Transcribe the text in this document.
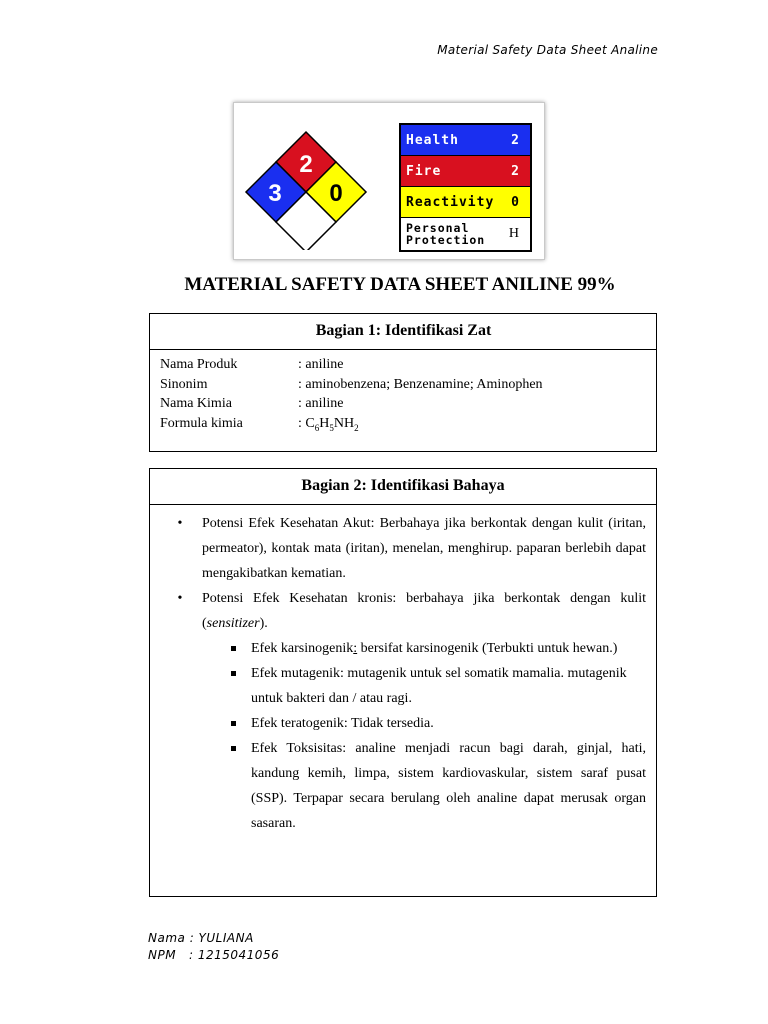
Material Safety Data Sheet Analine
2
3 0
Health	2
Fire	2
Reactivity 0
Personal
Protection H
MATERIAL SAFETY DATA SHEET ANILINE 99%
Bagian 1: Identifikasi Zat
Nama Produk	: aniline
Sinonim	: aminobenzena; Benzenamine; Aminophen
Nama Kimia	: aniline
Formula kimia	: $C_6H_5NH_2$
Bagian 2: Identifikasi Bahaya
•	Potensi Efek Kesehatan Akut: Berbahaya jika berkontak dengan kulit (iritan, permeator), kontak mata (iritan), menelan, menghirup. paparan berlebih dapat mengakibatkan kematian.
•	Potensi Efek Kesehatan kronis: berbahaya jika berkontak dengan kulit (sensitizer).
Efek karsinogenik: bersifat karsinogenik (Terbukti untuk hewan.)
Efek mutagenik: mutagenik untuk sel somatik mamalia. mutagenik
untuk bakteri dan / atau ragi.
Efek teratogenik: Tidak tersedia.
Efek Toksisitas: analine menjadi racun bagi darah, ginjal, hati, kandung kemih, limpa, sistem kardiovaskular, sistem saraf pusat (SSP). Terpapar secara berulang oleh analine dapat merusak organ sasaran.
Nama : YULIANA
NPM   : 1215041056
